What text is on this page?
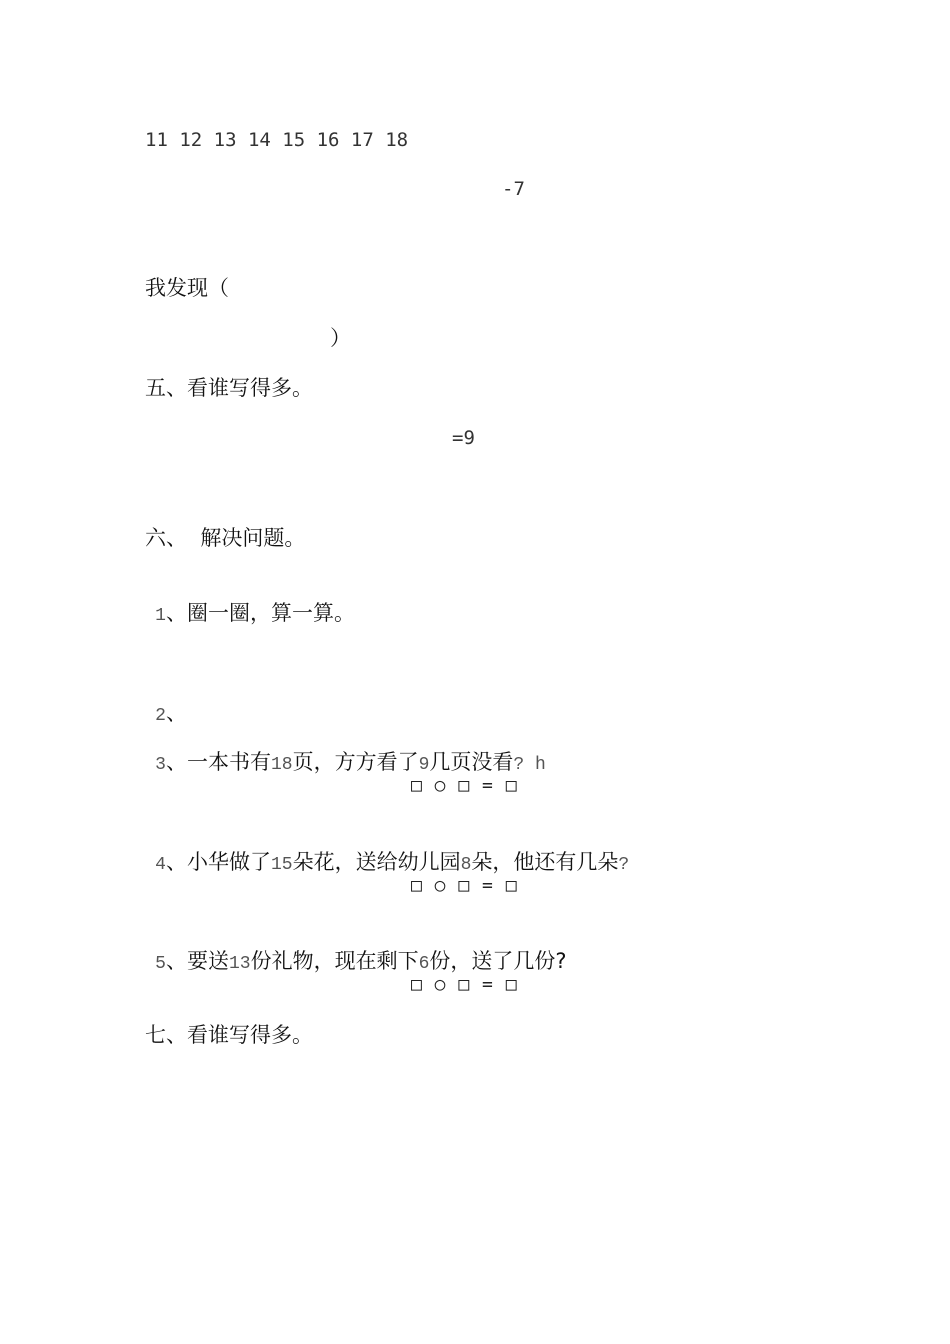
11 12 13 14 15 16 17 18
-7
我发现（
）
五、看谁写得多。
=9
六、  解决问题。

1、圈一圈，算一算。

2、

3、一本书有18页，方方看了9几页没看? h

□ ○ □ = □

4、小华做了15朵花，送给幼儿园8朵，他还有几朵?

□ ○ □ = □

5、要送13份礼物，现在剩下6份，送了几份?

□ ○ □ = □
七、看谁写得多。
